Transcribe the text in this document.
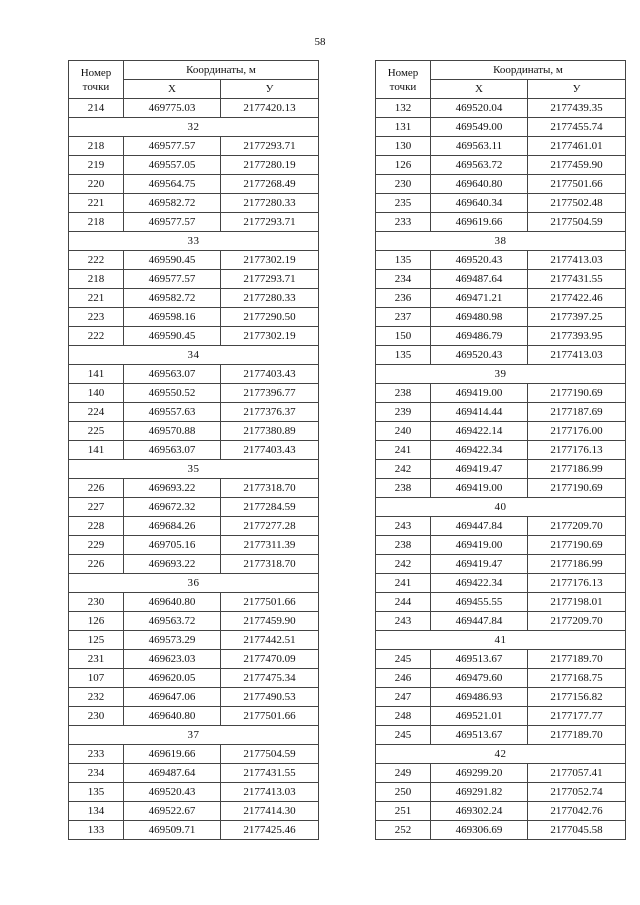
58
Номер
точки	Координаты, м	
	X	У
214	469775.03	2177420.13
32		
218	469577.57	2177293.71
219	469557.05	2177280.19
220	469564.75	2177268.49
221	469582.72	2177280.33
218	469577.57	2177293.71
33		
222	469590.45	2177302.19
218	469577.57	2177293.71
221	469582.72	2177280.33
223	469598.16	2177290.50
222	469590.45	2177302.19
34		
141	469563.07	2177403.43
140	469550.52	2177396.77
224	469557.63	2177376.37
225	469570.88	2177380.89
141	469563.07	2177403.43
35		
226	469693.22	2177318.70
227	469672.32	2177284.59
228	469684.26	2177277.28
229	469705.16	2177311.39
226	469693.22	2177318.70
36		
230	469640.80	2177501.66
126	469563.72	2177459.90
125	469573.29	2177442.51
231	469623.03	2177470.09
107	469620.05	2177475.34
232	469647.06	2177490.53
230	469640.80	2177501.66
37		
233	469619.66	2177504.59
234	469487.64	2177431.55
135	469520.43	2177413.03
134	469522.67	2177414.30
133	469509.71	2177425.46
Номер
точки	Координаты, м	
	X	У
132	469520.04	2177439.35
131	469549.00	2177455.74
130	469563.11	2177461.01
126	469563.72	2177459.90
230	469640.80	2177501.66
235	469640.34	2177502.48
233	469619.66	2177504.59
38		
135	469520.43	2177413.03
234	469487.64	2177431.55
236	469471.21	2177422.46
237	469480.98	2177397.25
150	469486.79	2177393.95
135	469520.43	2177413.03
39		
238	469419.00	2177190.69
239	469414.44	2177187.69
240	469422.14	2177176.00
241	469422.34	2177176.13
242	469419.47	2177186.99
238	469419.00	2177190.69
40		
243	469447.84	2177209.70
238	469419.00	2177190.69
242	469419.47	2177186.99
241	469422.34	2177176.13
244	469455.55	2177198.01
243	469447.84	2177209.70
41		
245	469513.67	2177189.70
246	469479.60	2177168.75
247	469486.93	2177156.82
248	469521.01	2177177.77
245	469513.67	2177189.70
42		
249	469299.20	2177057.41
250	469291.82	2177052.74
251	469302.24	2177042.76
252	469306.69	2177045.58
